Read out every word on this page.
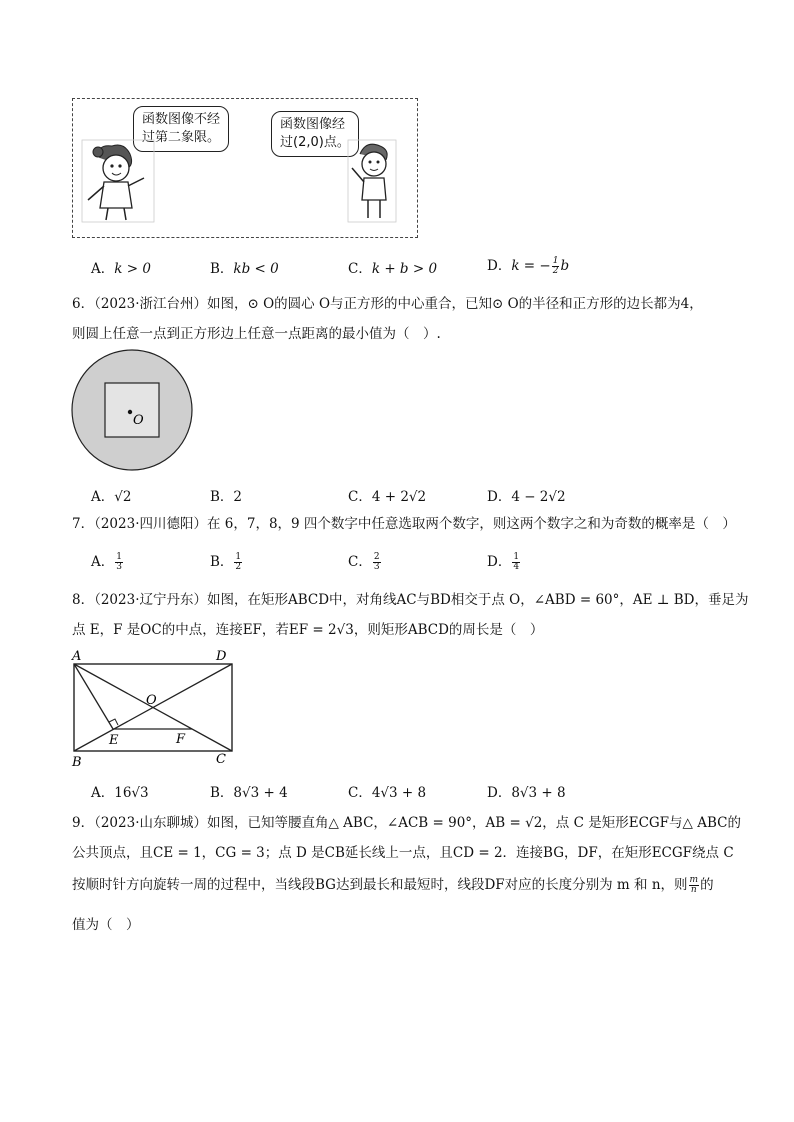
函数图像不经
过第二象限。
函数图像经
过(2,0)点。
A．k > 0	B．kb < 0	C．k + b > 0	D．k = − $\frac{1}{2}$ b
6．（2023·浙江台州）如图，⊙ O的圆心 O与正方形的中心重合，已知⊙ O的半径和正方形的边长都为4，
则圆上任意一点到正方形边上任意一点距离的最小值为（　）.
O
A．√2	B．2	C．4 + 2√2	D．4 − 2√2
7．（2023·四川德阳）在 6，7，8，9 四个数字中任意选取两个数字，则这两个数字之和为奇数的概率是（　）
A． $\frac{1}{3}$	B． $\frac{1}{2}$	C． $\frac{2}{3}$	D． $\frac{1}{4}$
8．（2023·辽宁丹东）如图，在矩形ABCD中，对角线AC与BD相交于点 O，∠ABD = 60°，AE ⊥ BD，垂足为
点 E，F 是OC的中点，连接EF，若EF = 2√3，则矩形ABCD的周长是（　）
A	D
B	C
O
E	F
A．16√3	B．8√3 + 4	C．4√3 + 8	D．8√3 + 8
9．（2023·山东聊城）如图，已知等腰直角△ ABC，∠ACB = 90°，AB = √2，点 C 是矩形ECGF与△ ABC的
公共顶点，且CE = 1，CG = 3；点 D 是CB延长线上一点，且CD = 2．连接BG，DF，在矩形ECGF绕点 C
按顺时针方向旋转一周的过程中，当线段BG达到最长和最短时，线段DF对应的长度分别为 m 和 n，则 $\frac{m}{n}$ 的
值为（　）
